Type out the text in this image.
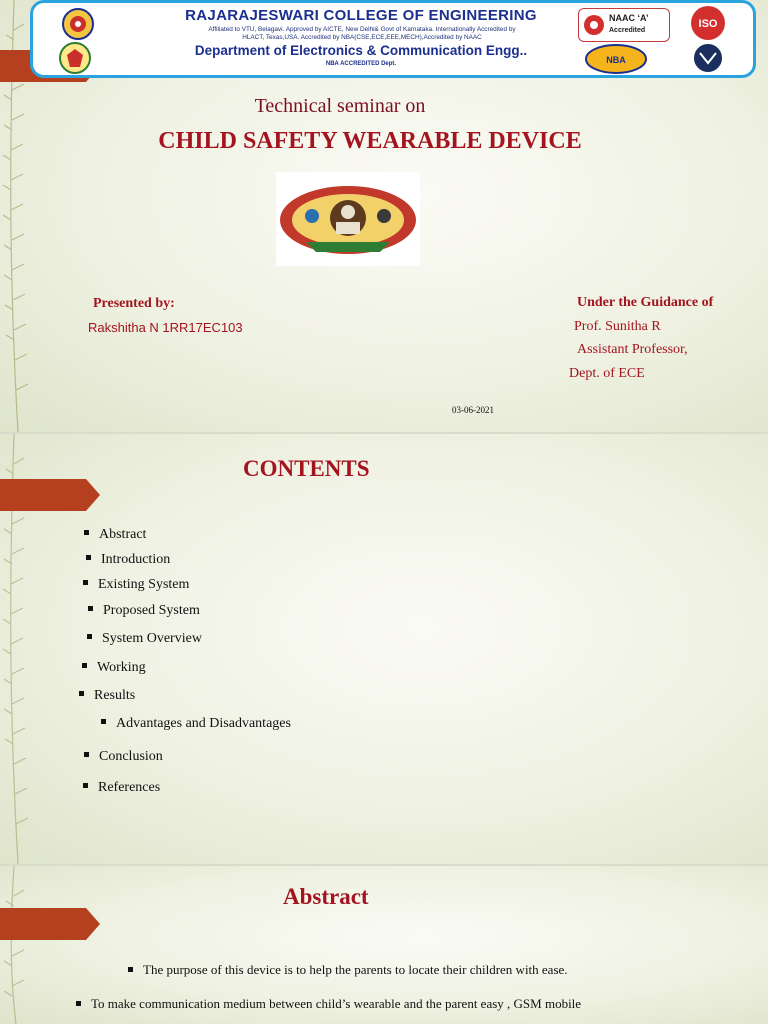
RAJARAJESWARI COLLEGE OF ENGINEERING
Affiliated to VTU, Belagavi. Approved by AICTE, New Delhi& Govt of Karnataka. Internationally Accredited by
HLACT, Texas,USA. Accredited by NBA(CSE,ECE,EEE,MECH),Accredited by NAAC
Department of Electronics & Communication Engg..
NBA ACCREDITED Dept.
NAAC ‘A’
Accredited
NBA
ISO
Technical seminar on
CHILD SAFETY WEARABLE DEVICE
Presented by:
Rakshitha N 1RR17EC103
Under the Guidance of
Prof. Sunitha R
Assistant Professor,
Dept. of ECE
03-06-2021
CONTENTS
Abstract
Introduction
Existing System
Proposed System
System Overview
Working
Results
Advantages and Disadvantages
Conclusion
References
Abstract
The purpose of this device is to help the parents to locate their children with ease.
To make communication medium between child’s wearable and the parent easy , GSM mobile
